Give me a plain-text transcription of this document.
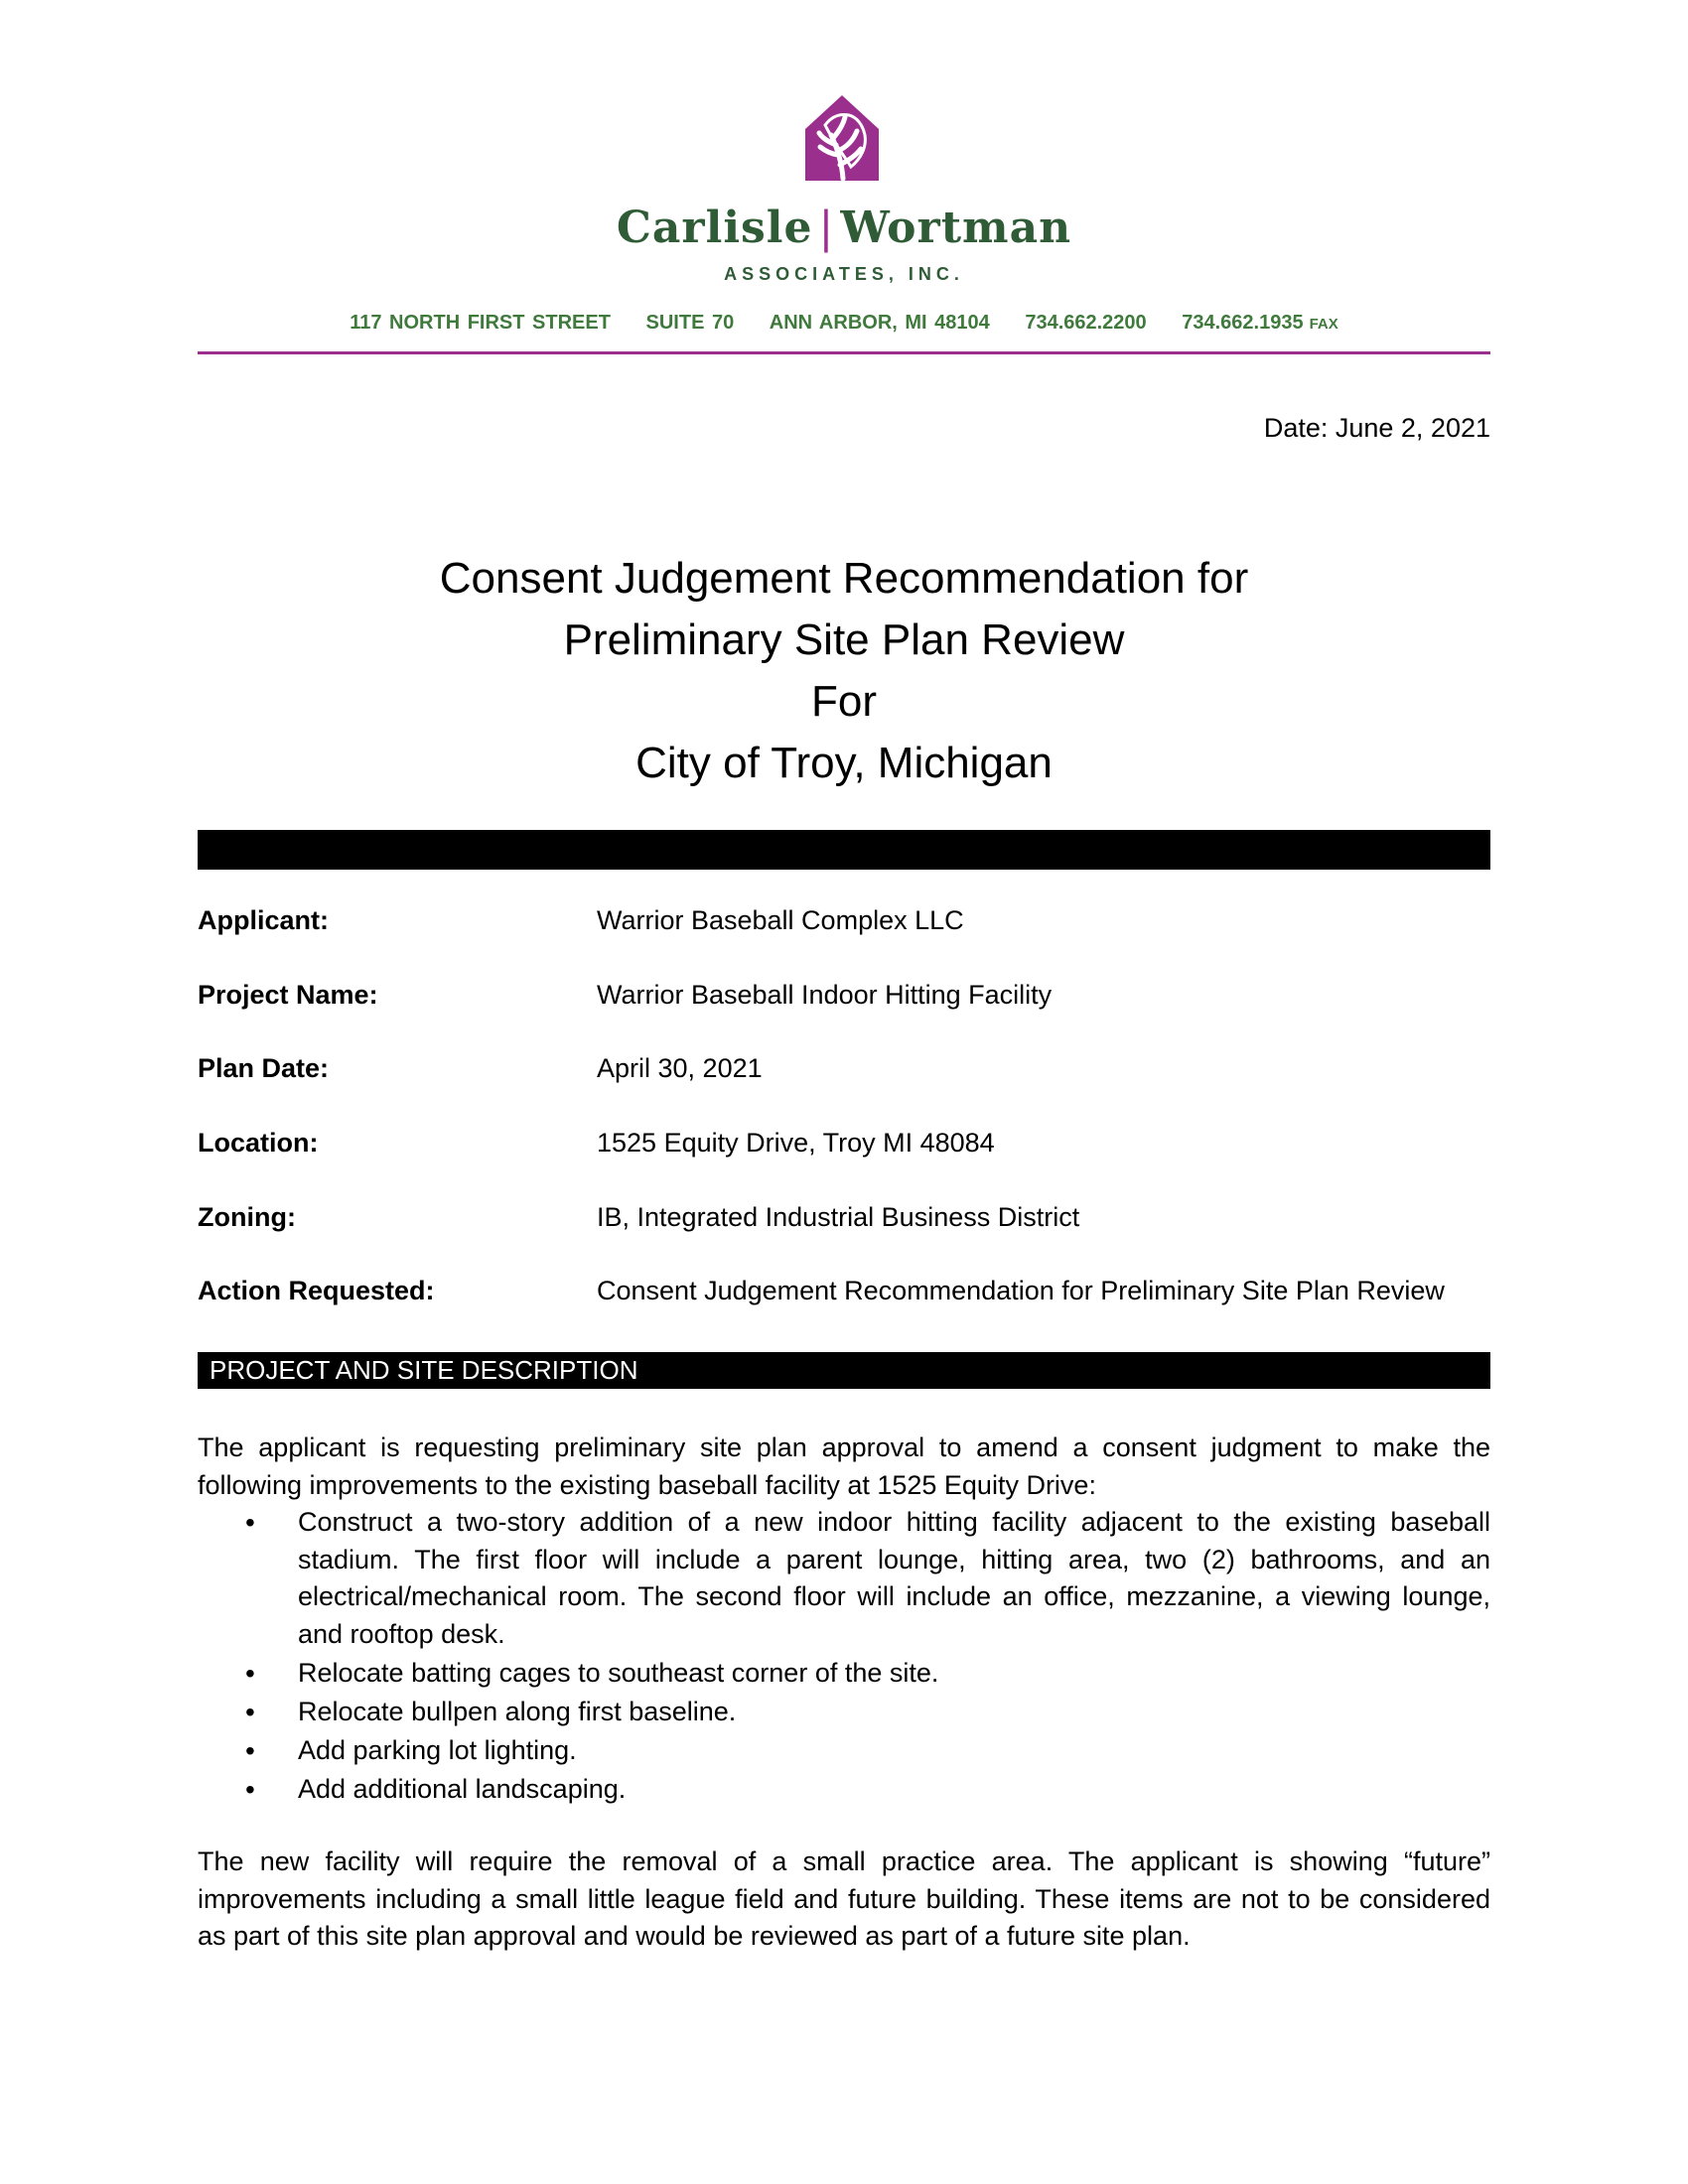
Carlisle | Wortman
ASSOCIATES, INC.
117 NORTH FIRST STREET SUITE 70 ANN ARBOR, MI 48104 734.662.2200 734.662.1935 FAX
Date: June 2, 2021
Consent Judgement Recommendation for
Preliminary Site Plan Review
For
City of Troy, Michigan
Applicant:	Warrior Baseball Complex LLC
Project Name:	Warrior Baseball Indoor Hitting Facility
Plan Date:	April 30, 2021
Location:	1525 Equity Drive, Troy MI 48084
Zoning:	IB, Integrated Industrial Business District
Action Requested:	Consent Judgement Recommendation for Preliminary Site Plan Review
PROJECT AND SITE DESCRIPTION
The applicant is requesting preliminary site plan approval to amend a consent judgment to make the following improvements to the existing baseball facility at 1525 Equity Drive:
• Construct a two-story addition of a new indoor hitting facility adjacent to the existing baseball stadium. The first floor will include a parent lounge, hitting area, two (2) bathrooms, and an electrical/mechanical room. The second floor will include an office, mezzanine, a viewing lounge, and rooftop desk.
• Relocate batting cages to southeast corner of the site.
• Relocate bullpen along first baseline.
• Add parking lot lighting.
• Add additional landscaping.
The new facility will require the removal of a small practice area. The applicant is showing “future” improvements including a small little league field and future building. These items are not to be considered as part of this site plan approval and would be reviewed as part of a future site plan.
